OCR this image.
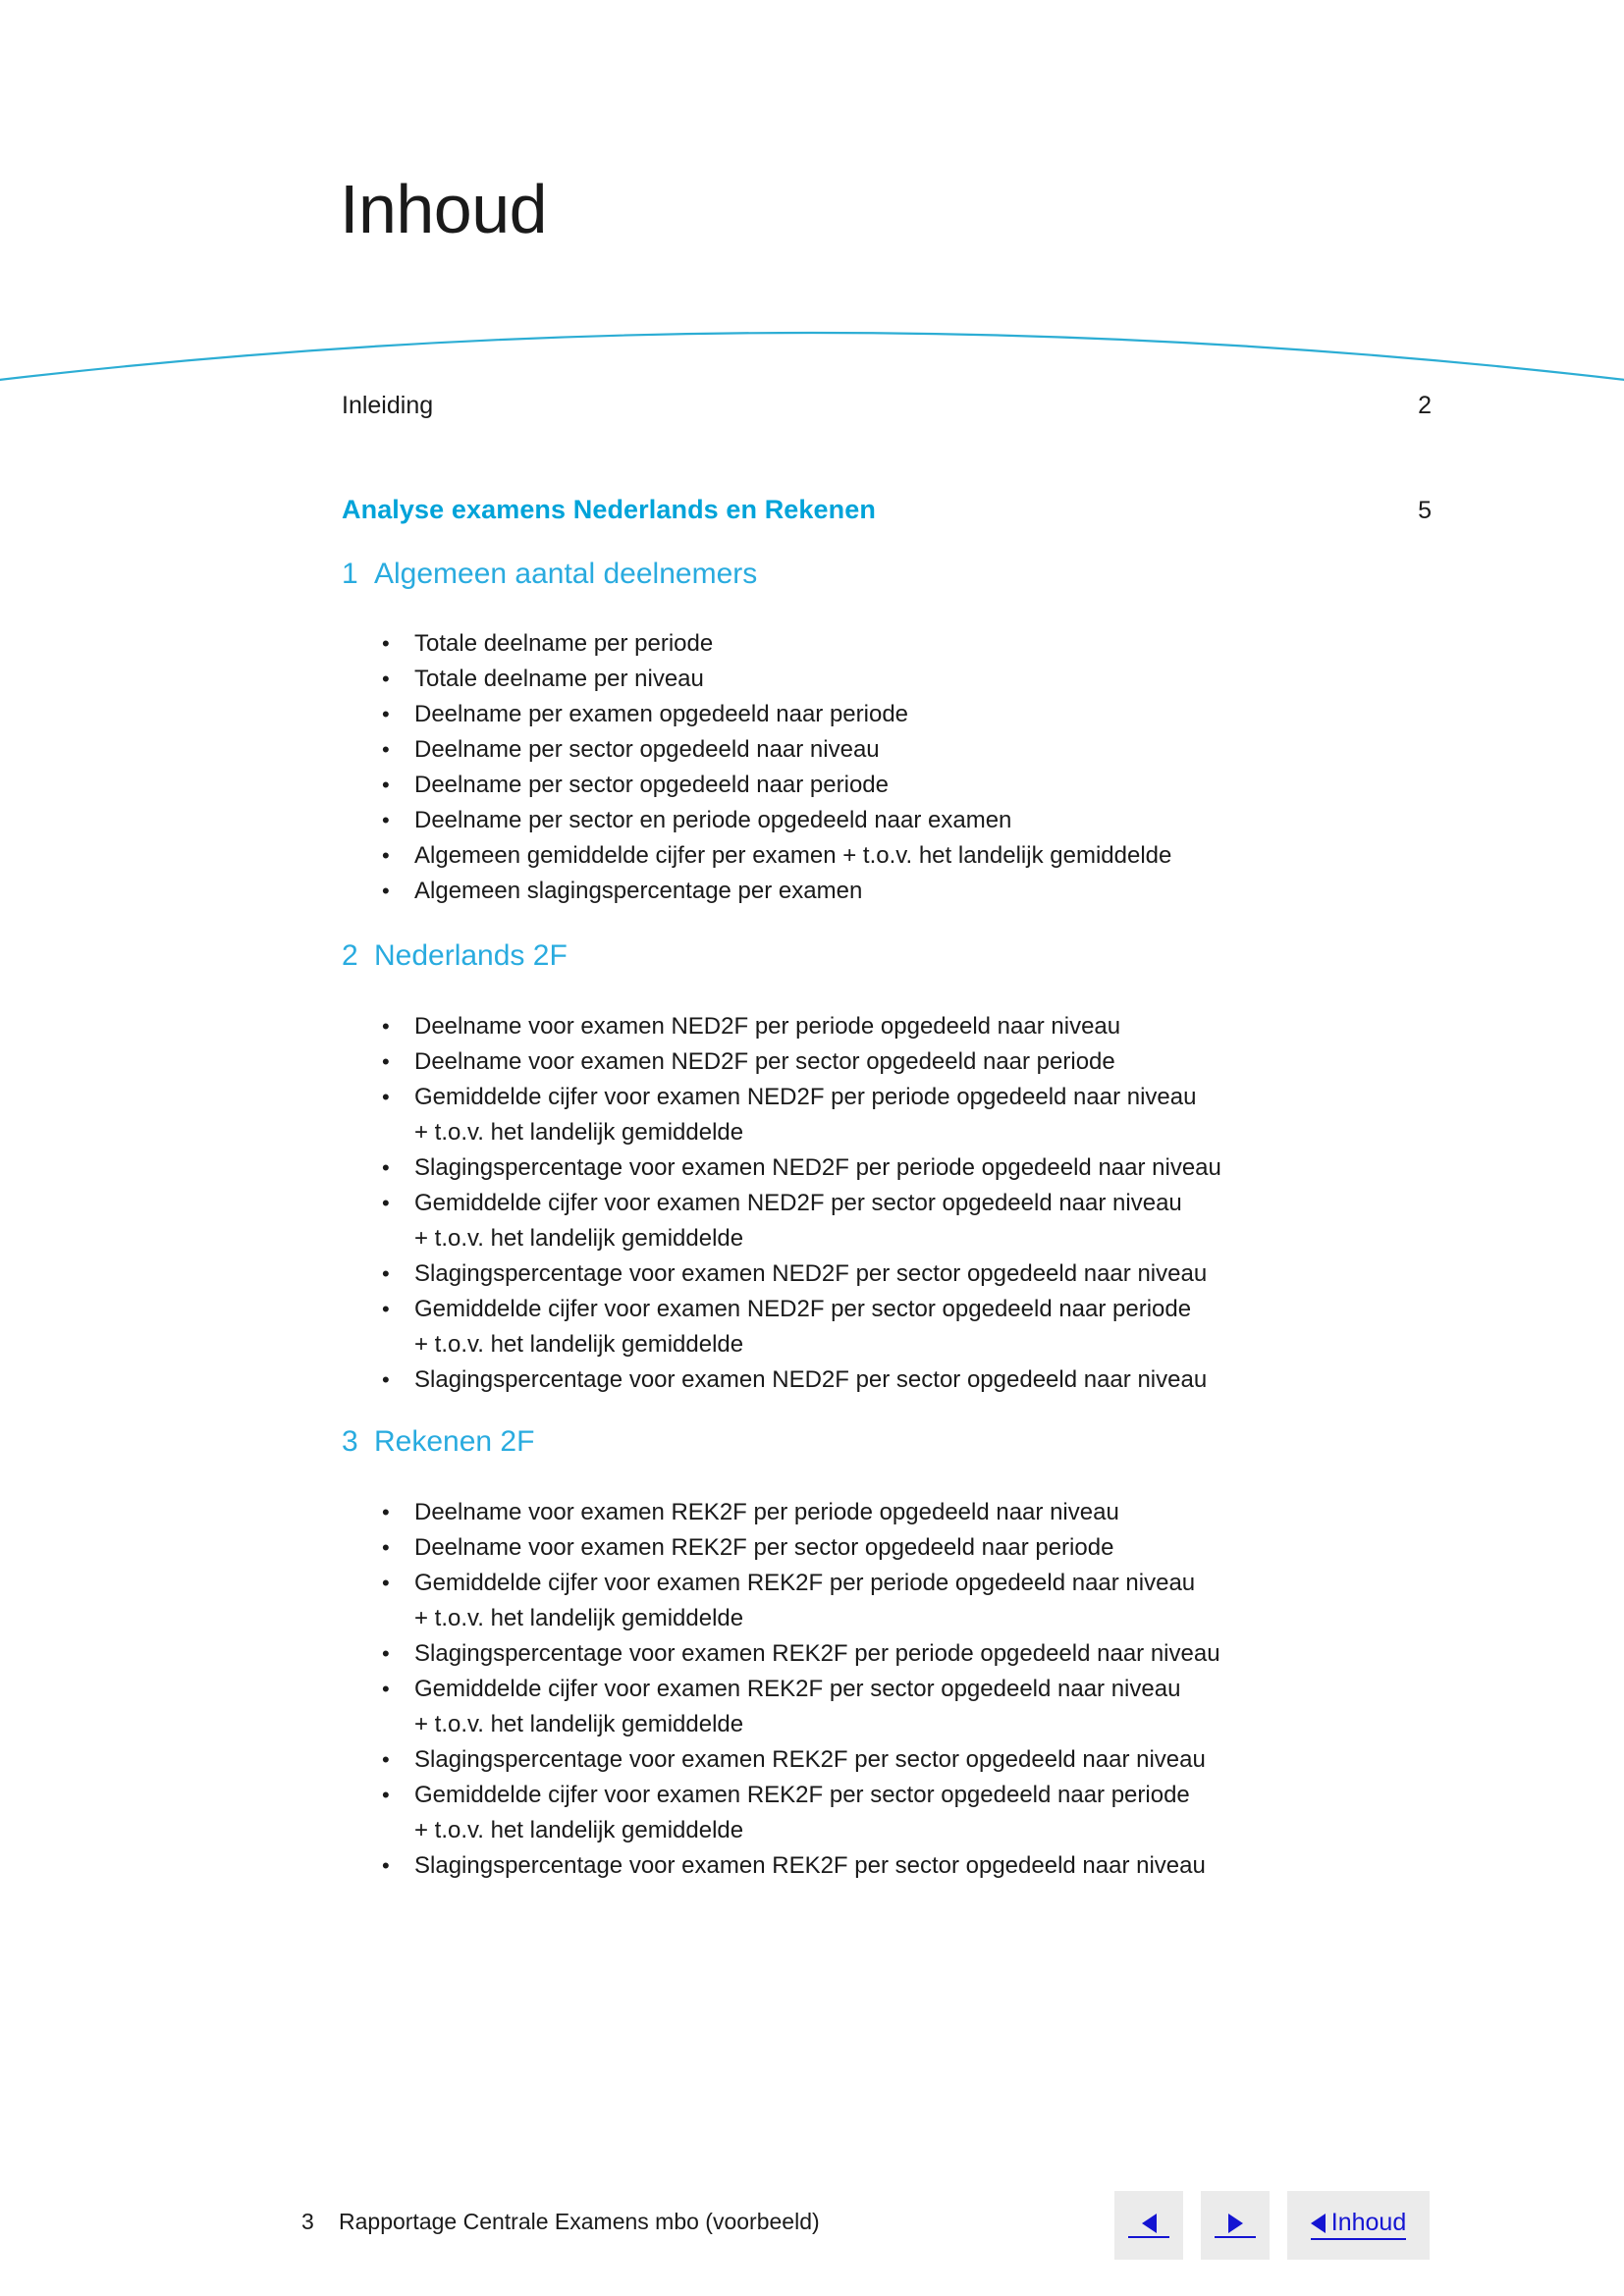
Inhoud
Inleiding	2
Analyse examens Nederlands en Rekenen	5
1 Algemeen aantal deelnemers
• Totale deelname per periode
• Totale deelname per niveau
• Deelname per examen opgedeeld naar periode
• Deelname per sector opgedeeld naar niveau
• Deelname per sector opgedeeld naar periode
• Deelname per sector en periode opgedeeld naar examen
• Algemeen gemiddelde cijfer per examen + t.o.v. het landelijk gemiddelde
• Algemeen slagingspercentage per examen
2 Nederlands 2F
• Deelname voor examen NED2F per periode opgedeeld naar niveau
• Deelname voor examen NED2F per sector opgedeeld naar periode
• Gemiddelde cijfer voor examen NED2F per periode opgedeeld naar niveau
+ t.o.v. het landelijk gemiddelde
• Slagingspercentage voor examen NED2F per periode opgedeeld naar niveau
• Gemiddelde cijfer voor examen NED2F per sector opgedeeld naar niveau
+ t.o.v. het landelijk gemiddelde
• Slagingspercentage voor examen NED2F per sector opgedeeld naar niveau
• Gemiddelde cijfer voor examen NED2F per sector opgedeeld naar periode
+ t.o.v. het landelijk gemiddelde
• Slagingspercentage voor examen NED2F per sector opgedeeld naar niveau
3 Rekenen 2F
• Deelname voor examen REK2F per periode opgedeeld naar niveau
• Deelname voor examen REK2F per sector opgedeeld naar periode
• Gemiddelde cijfer voor examen REK2F per periode opgedeeld naar niveau
+ t.o.v. het landelijk gemiddelde
• Slagingspercentage voor examen REK2F per periode opgedeeld naar niveau
• Gemiddelde cijfer voor examen REK2F per sector opgedeeld naar niveau
+ t.o.v. het landelijk gemiddelde
• Slagingspercentage voor examen REK2F per sector opgedeeld naar niveau
• Gemiddelde cijfer voor examen REK2F per sector opgedeeld naar periode
+ t.o.v. het landelijk gemiddelde
• Slagingspercentage voor examen REK2F per sector opgedeeld naar niveau
3 Rapportage Centrale Examens mbo (voorbeeld)	Inhoud
